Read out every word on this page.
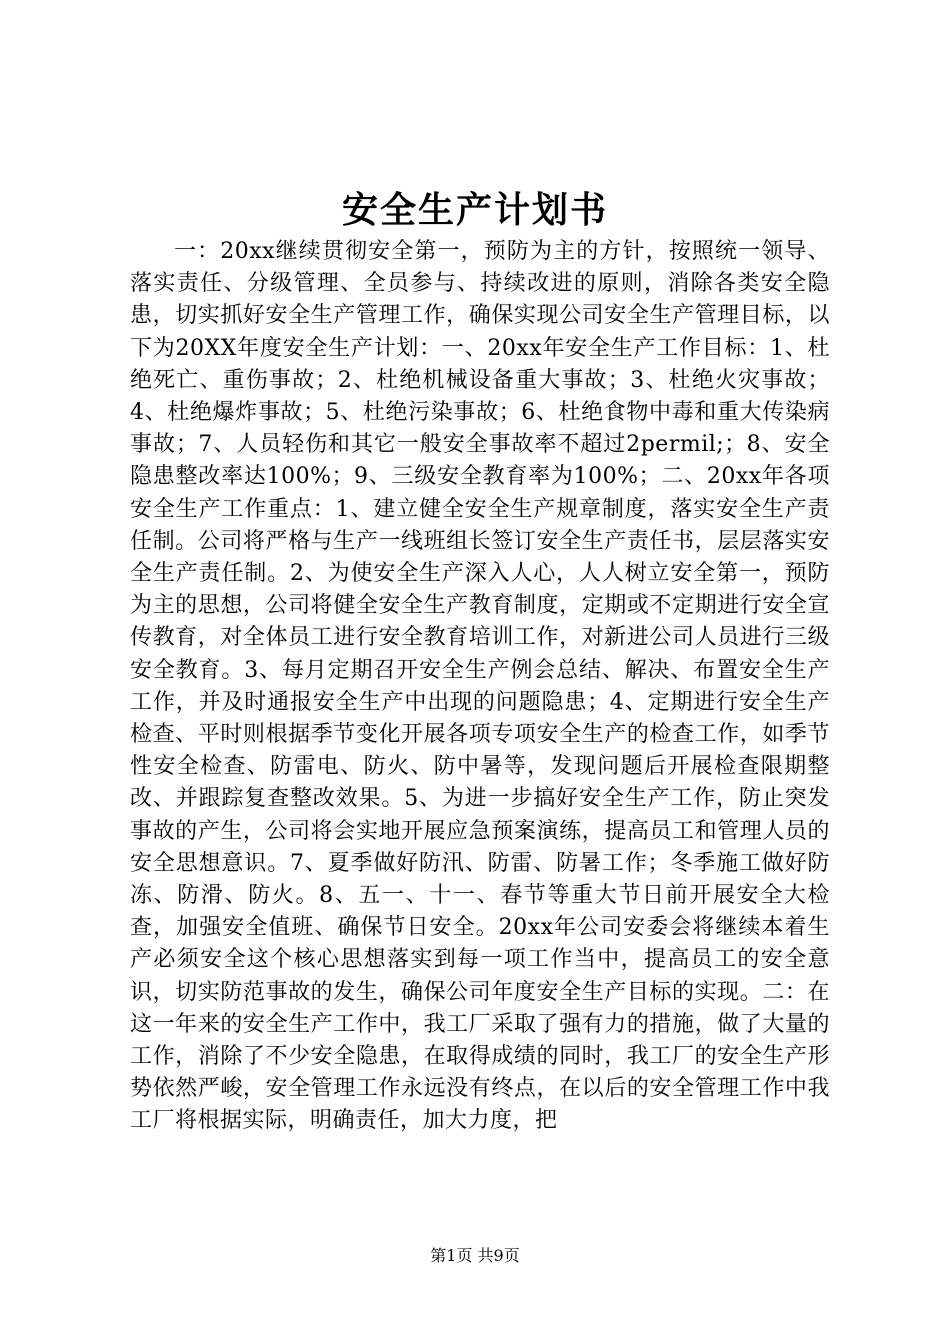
安全生产计划书

一：20xx继续贯彻安全第一，预防为主的方针，按照统一领导、落实责任、分级管理、全员参与、持续改进的原则，消除各类安全隐患，切实抓好安全生产管理工作，确保实现公司安全生产管理目标，以下为20XX年度安全生产计划：一、20xx年安全生产工作目标：1、杜绝死亡、重伤事故；2、杜绝机械设备重大事故；3、杜绝火灾事故；4、杜绝爆炸事故；5、杜绝污染事故；6、杜绝食物中毒和重大传染病事故；7、人员轻伤和其它一般安全事故率不超过2permil;；8、安全隐患整改率达100%；9、三级安全教育率为100%；二、20xx年各项安全生产工作重点：1、建立健全安全生产规章制度，落实安全生产责任制。公司将严格与生产一线班组长签订安全生产责任书，层层落实安全生产责任制。2、为使安全生产深入人心，人人树立安全第一，预防为主的思想，公司将健全安全生产教育制度，定期或不定期进行安全宣传教育，对全体员工进行安全教育培训工作，对新进公司人员进行三级安全教育。3、每月定期召开安全生产例会总结、解决、布置安全生产工作，并及时通报安全生产中出现的问题隐患；4、定期进行安全生产检查、平时则根据季节变化开展各项专项安全生产的检查工作，如季节性安全检查、防雷电、防火、防中暑等，发现问题后开展检查限期整改、并跟踪复查整改效果。5、为进一步搞好安全生产工作，防止突发事故的产生，公司将会实地开展应急预案演练，提高员工和管理人员的安全思想意识。7、夏季做好防汛、防雷、防暑工作；冬季施工做好防冻、防滑、防火。8、五一、十一、春节等重大节日前开展安全大检查，加强安全值班、确保节日安全。20xx年公司安委会将继续本着生产必须安全这个核心思想落实到每一项工作当中，提高员工的安全意识，切实防范事故的发生，确保公司年度安全生产目标的实现。二：在这一年来的安全生产工作中，我工厂采取了强有力的措施，做了大量的工作，消除了不少安全隐患，在取得成绩的同时，我工厂的安全生产形势依然严峻，安全管理工作永远没有终点，在以后的安全管理工作中我工厂将根据实际，明确责任，加大力度，把

第1页 共9页
